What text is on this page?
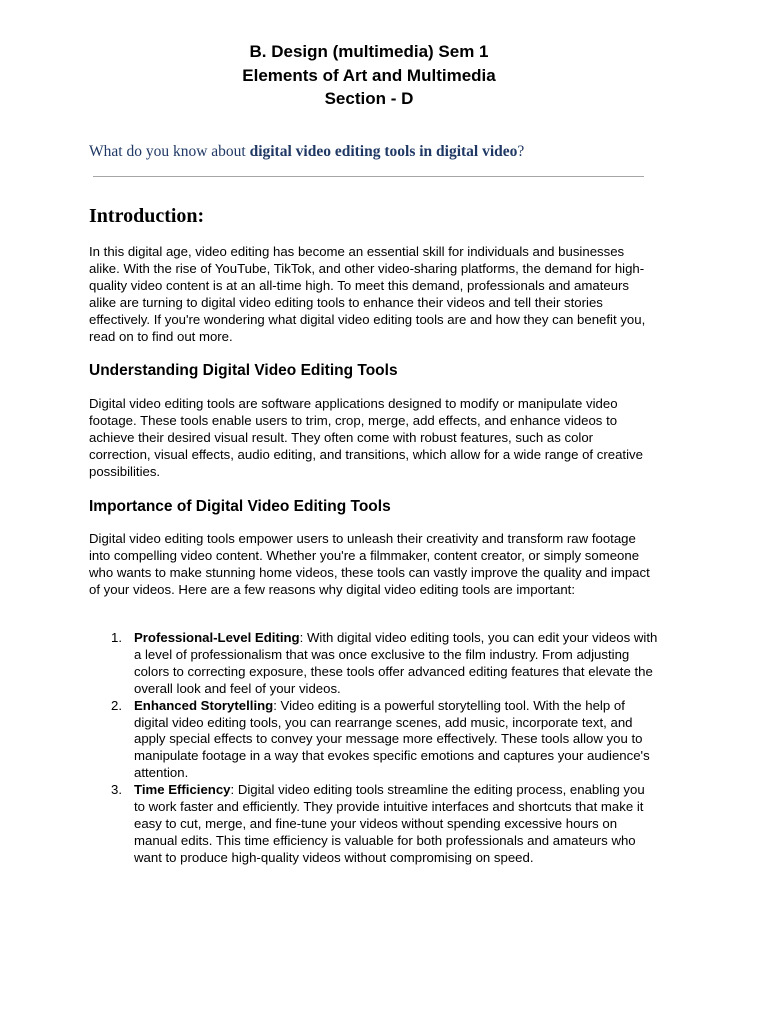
B. Design (multimedia) Sem 1
Elements of Art and Multimedia
Section - D
What do you know about digital video editing tools in digital video?
Introduction:

In this digital age, video editing has become an essential skill for individuals and businesses alike. With the rise of YouTube, TikTok, and other video-sharing platforms, the demand for high-quality video content is at an all-time high. To meet this demand, professionals and amateurs alike are turning to digital video editing tools to enhance their videos and tell their stories effectively. If you're wondering what digital video editing tools are and how they can benefit you, read on to find out more.

Understanding Digital Video Editing Tools

Digital video editing tools are software applications designed to modify or manipulate video footage. These tools enable users to trim, crop, merge, add effects, and enhance videos to achieve their desired visual result. They often come with robust features, such as color correction, visual effects, audio editing, and transitions, which allow for a wide range of creative possibilities.

Importance of Digital Video Editing Tools

Digital video editing tools empower users to unleash their creativity and transform raw footage into compelling video content. Whether you're a filmmaker, content creator, or simply someone who wants to make stunning home videos, these tools can vastly improve the quality and impact of your videos. Here are a few reasons why digital video editing tools are important:

1. Professional-Level Editing: With digital video editing tools, you can edit your videos with a level of professionalism that was once exclusive to the film industry. From adjusting colors to correcting exposure, these tools offer advanced editing features that elevate the overall look and feel of your videos.
2. Enhanced Storytelling: Video editing is a powerful storytelling tool. With the help of digital video editing tools, you can rearrange scenes, add music, incorporate text, and apply special effects to convey your message more effectively. These tools allow you to manipulate footage in a way that evokes specific emotions and captures your audience's attention.
3. Time Efficiency: Digital video editing tools streamline the editing process, enabling you to work faster and efficiently. They provide intuitive interfaces and shortcuts that make it easy to cut, merge, and fine-tune your videos without spending excessive hours on manual edits. This time efficiency is valuable for both professionals and amateurs who want to produce high-quality videos without compromising on speed.
